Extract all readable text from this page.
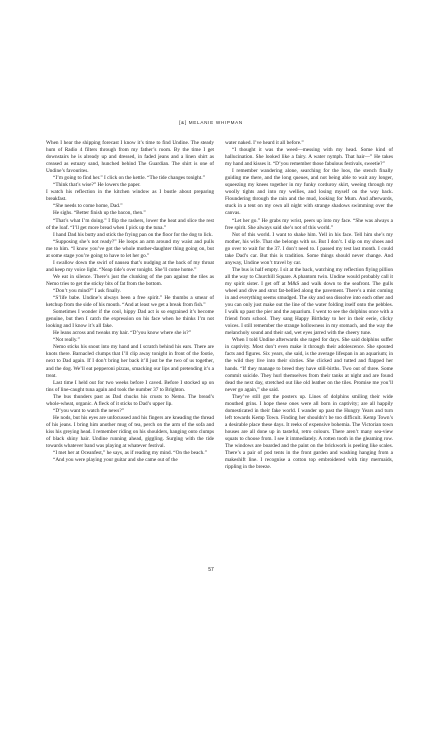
[&] MELANIE WHIPMAN

When I hear the shipping forecast I know it’s time to find Undine. The steady hum of Radio 4 filters through from my father’s room. By the time I get downstairs he is already up and dressed, in faded jeans and a linen shirt as creased as estuary sand, hunched behind The Guardian. The shirt is one of Undine’s favourites.

“I’m going to find her.” I click on the kettle. “The tide changes tonight.”

“Think that’s wise?” He lowers the paper.

I watch his reflection in the kitchen window as I bustle about preparing breakfast.

“She needs to come home, Dad.”

He sighs. “Better finish up the bacon, then.”

“That’s what I’m doing.” I flip the rashers, lower the heat and slice the rest of the loaf. “I’ll get more bread when I pick up the tuna.”

I hand Dad his butty and stick the frying pan on the floor for the dog to lick.

“Supposing she’s not ready?” He loops an arm around my waist and pulls me to him. “I know you’ve got the whole mother-daughter thing going on, but at some stage you’re going to have to let her go.”

I swallow down the swirl of nausea that’s nudging at the back of my throat and keep my voice light. “Neap tide’s over tonight. She’ll come home.”

We eat in silence. There’s just the clunking of the pan against the tiles as Nemo tries to get the sticky bits of fat from the bottom.

“Don’t you mind?” I ask finally.

“S’life babe. Undine’s always been a free spirit.” He thumbs a smear of ketchup from the side of his mouth. “And at least we get a break from fish.”

Sometimes I wonder if the cool, hippy Dad act is so engrained it’s become genuine, but then I catch the expression on his face when he thinks I’m not looking and I know it’s all fake.

He leans across and tweaks my hair. “D’you know where she is?”

“Not really.”

Nemo sticks his snout into my hand and I scratch behind his ears. There are knots there. Barnacled clumps that I’ll clip away tonight in front of the footie, next to Dad again. If I don’t bring her back it’ll just be the two of us together, and the dog. We’ll eat pepperoni pizzas, smacking our lips and pretending it’s a treat.

Last time I held out for two weeks before I caved. Before I stocked up on tins of line-caught tuna again and took the number 37 to Brighton.

The bus thunders past as Dad chucks his crusts to Nemo. The bread’s whole-wheat, organic. A fleck of it sticks to Dad’s upper lip.

“D’you want to watch the news?”

He nods, but his eyes are unfocussed and his fingers are kneading the thread of his jeans. I bring him another mug of tea, perch on the arm of the sofa and kiss his greying head. I remember riding on his shoulders, hanging onto clumps of black shiny hair. Undine running ahead, giggling. Surging with the tide towards whatever band was playing at whatever festival.

“I met her at Oceanfest,” he says, as if reading my mind. “On the beach.”

“And you were playing your guitar and she came out of the

water naked. I’ve heard it all before.”

“I thought it was the weed—messing with my head. Some kind of hallucination. She looked like a fairy. A water nymph. That hair—” He takes my hand and kisses it. “D’you remember those fabulous festivals, sweetie?”

I remember wandering alone, searching for the loos, the stench finally guiding me there, and the long queues, and not being able to wait any longer, squeezing my knees together in my funky corduroy skirt, weeing through my woolly tights and into my wellies, and losing myself on the way back. Floundering through the rain and the mud, looking for Mum. And afterwards, stuck in a tent on my own all night with strange shadows swimming over the canvas.

“Let her go.” He grabs my wrist, peers up into my face. “She was always a free spirit. She always said she’s not of this world.”

Not of this world. I want to shake him. Yell in his face. Tell him she’s my mother, his wife. That she belongs with us. But I don’t. I slip on my shoes and go over to wait for the 37. I don’t need to. I passed my test last month. I could take Dad’s car. But this is tradition. Some things should never change. And anyway, Undine won’t travel by car.

The bus is half empty. I sit at the back, watching my reflection flying pillion all the way to Churchill Square. A phantom twin. Undine would probably call it my spirit sister. I get off at M&S and walk down to the seafront. The gulls wheel and dive and strut fat-bellied along the pavement. There’s a mist coming in and everything seems smudged. The sky and sea dissolve into each other and you can only just make out the line of the water folding itself onto the pebbles. I walk up past the pier and the aquarium. I went to see the dolphins once with a friend from school. They sang Happy Birthday to her in their eerie, clicky voices. I still remember the strange hollowness in my stomach, and the way the melancholy sound and their sad, wet eyes jarred with the cheery tune.

When I told Undine afterwards she raged for days. She said dolphins suffer in captivity. Most don’t even make it through their adolescence. She spouted facts and figures. Six years, she said, is the average lifespan in an aquarium; in the wild they live into their sixties. She clicked and tutted and flapped her hands. “If they manage to breed they have still-births. Two out of three. Some commit suicide. They hurl themselves from their tanks at night and are found dead the next day, stretched out like old leather on the tiles. Promise me you’ll never go again,” she said.

They’ve still got the posters up. Lines of dolphins smiling their wide mouthed grins. I hope these ones were all born in captivity; are all happily domesticated in their fake world. I wander up past the Hungry Years and turn left towards Kemp Town. Finding her shouldn’t be too difficult. Kemp Town’s a desirable place these days. It reeks of expensive bohemia. The Victorian town houses are all done up in tasteful, retro colours. There aren’t many sea-view squats to choose from. I see it immediately. A rotten tooth in the gleaming row. The windows are boarded and the paint on the brickwork is peeling like scales. There’s a pair of pod tents in the front garden and washing hanging from a makeshift line. I recognise a cotton top embroidered with tiny mermaids, rippling in the breeze.

57
